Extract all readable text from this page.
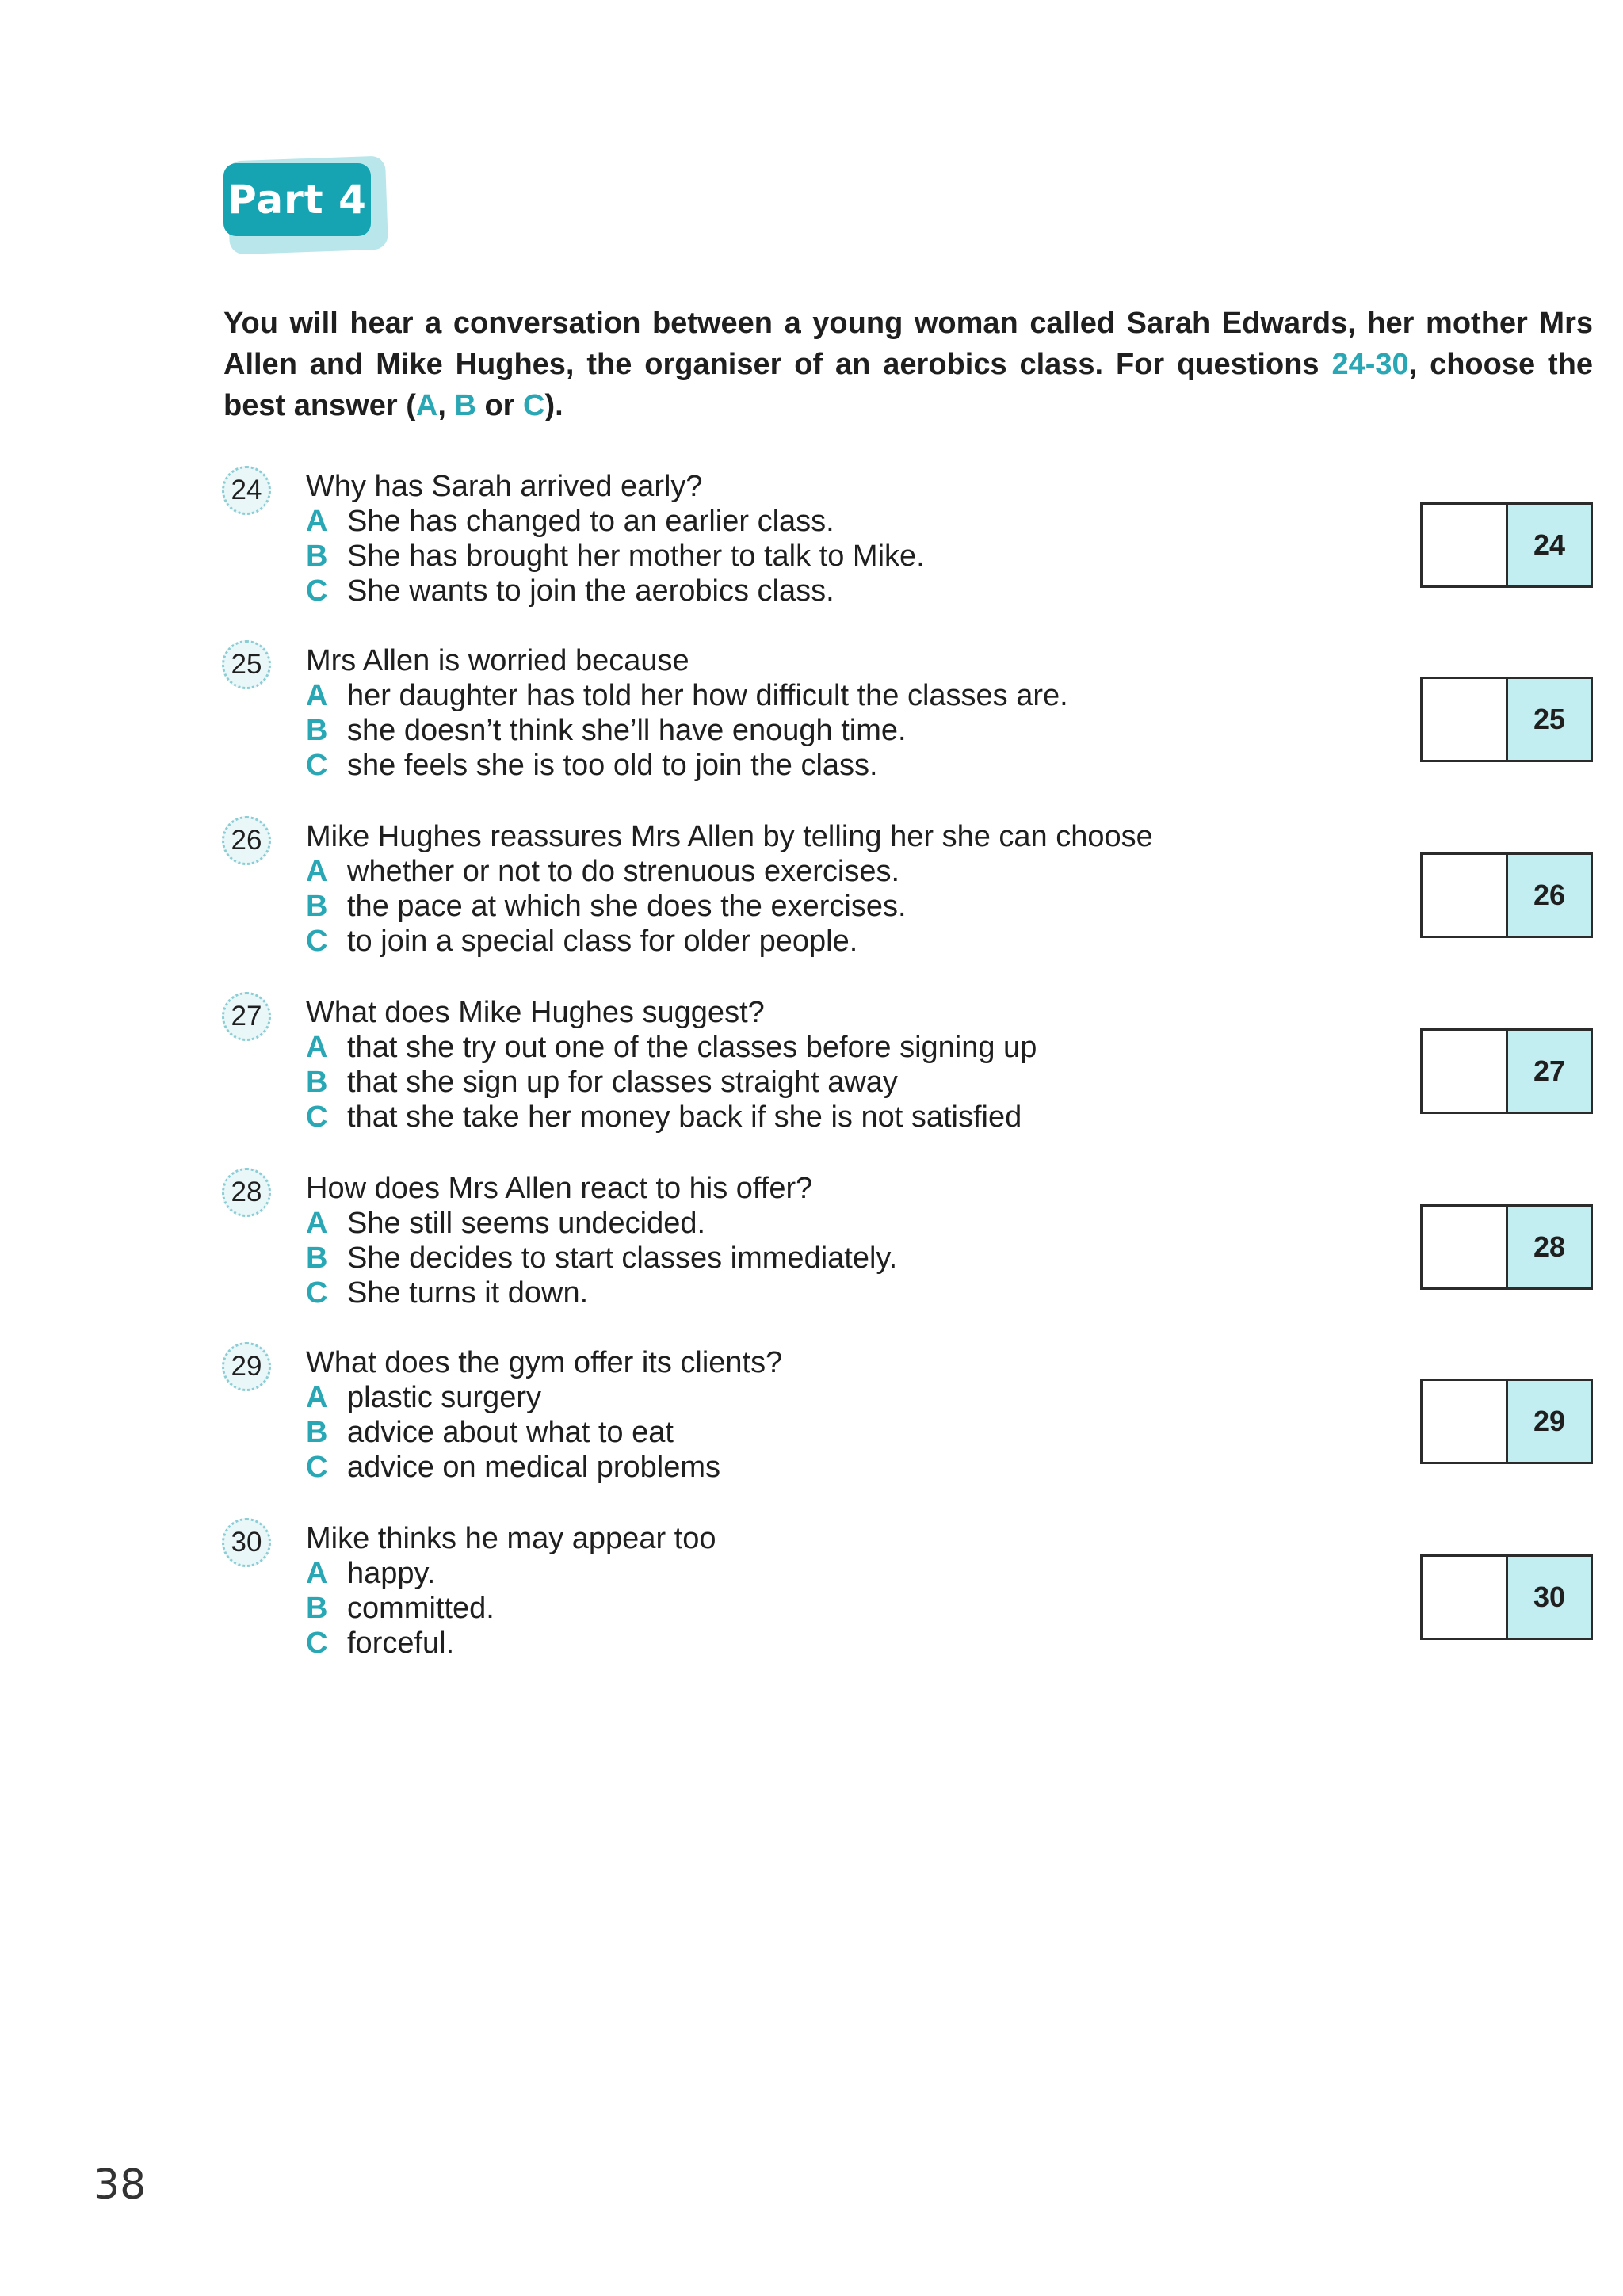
Part 4
You will hear a conversation between a young woman called Sarah Edwards, her mother Mrs Allen and Mike Hughes, the organiser of an aerobics class. For questions 24-30, choose the best answer (A, B or C).
24	Why has Sarah arrived early?
A She has changed to an earlier class.
B She has brought her mother to talk to Mike.
C She wants to join the aerobics class.
24
25	Mrs Allen is worried because
A her daughter has told her how difficult the classes are.
B she doesn’t think she’ll have enough time.
C she feels she is too old to join the class.
25
26	Mike Hughes reassures Mrs Allen by telling her she can choose
A whether or not to do strenuous exercises.
B the pace at which she does the exercises.
C to join a special class for older people.
26
27	What does Mike Hughes suggest?
A that she try out one of the classes before signing up
B that she sign up for classes straight away
C that she take her money back if she is not satisfied
27
28	How does Mrs Allen react to his offer?
A She still seems undecided.
B She decides to start classes immediately.
C She turns it down.
28
29	What does the gym offer its clients?
A plastic surgery
B advice about what to eat
C advice on medical problems
29
30	Mike thinks he may appear too
A happy.
B committed.
C forceful.
30
38
